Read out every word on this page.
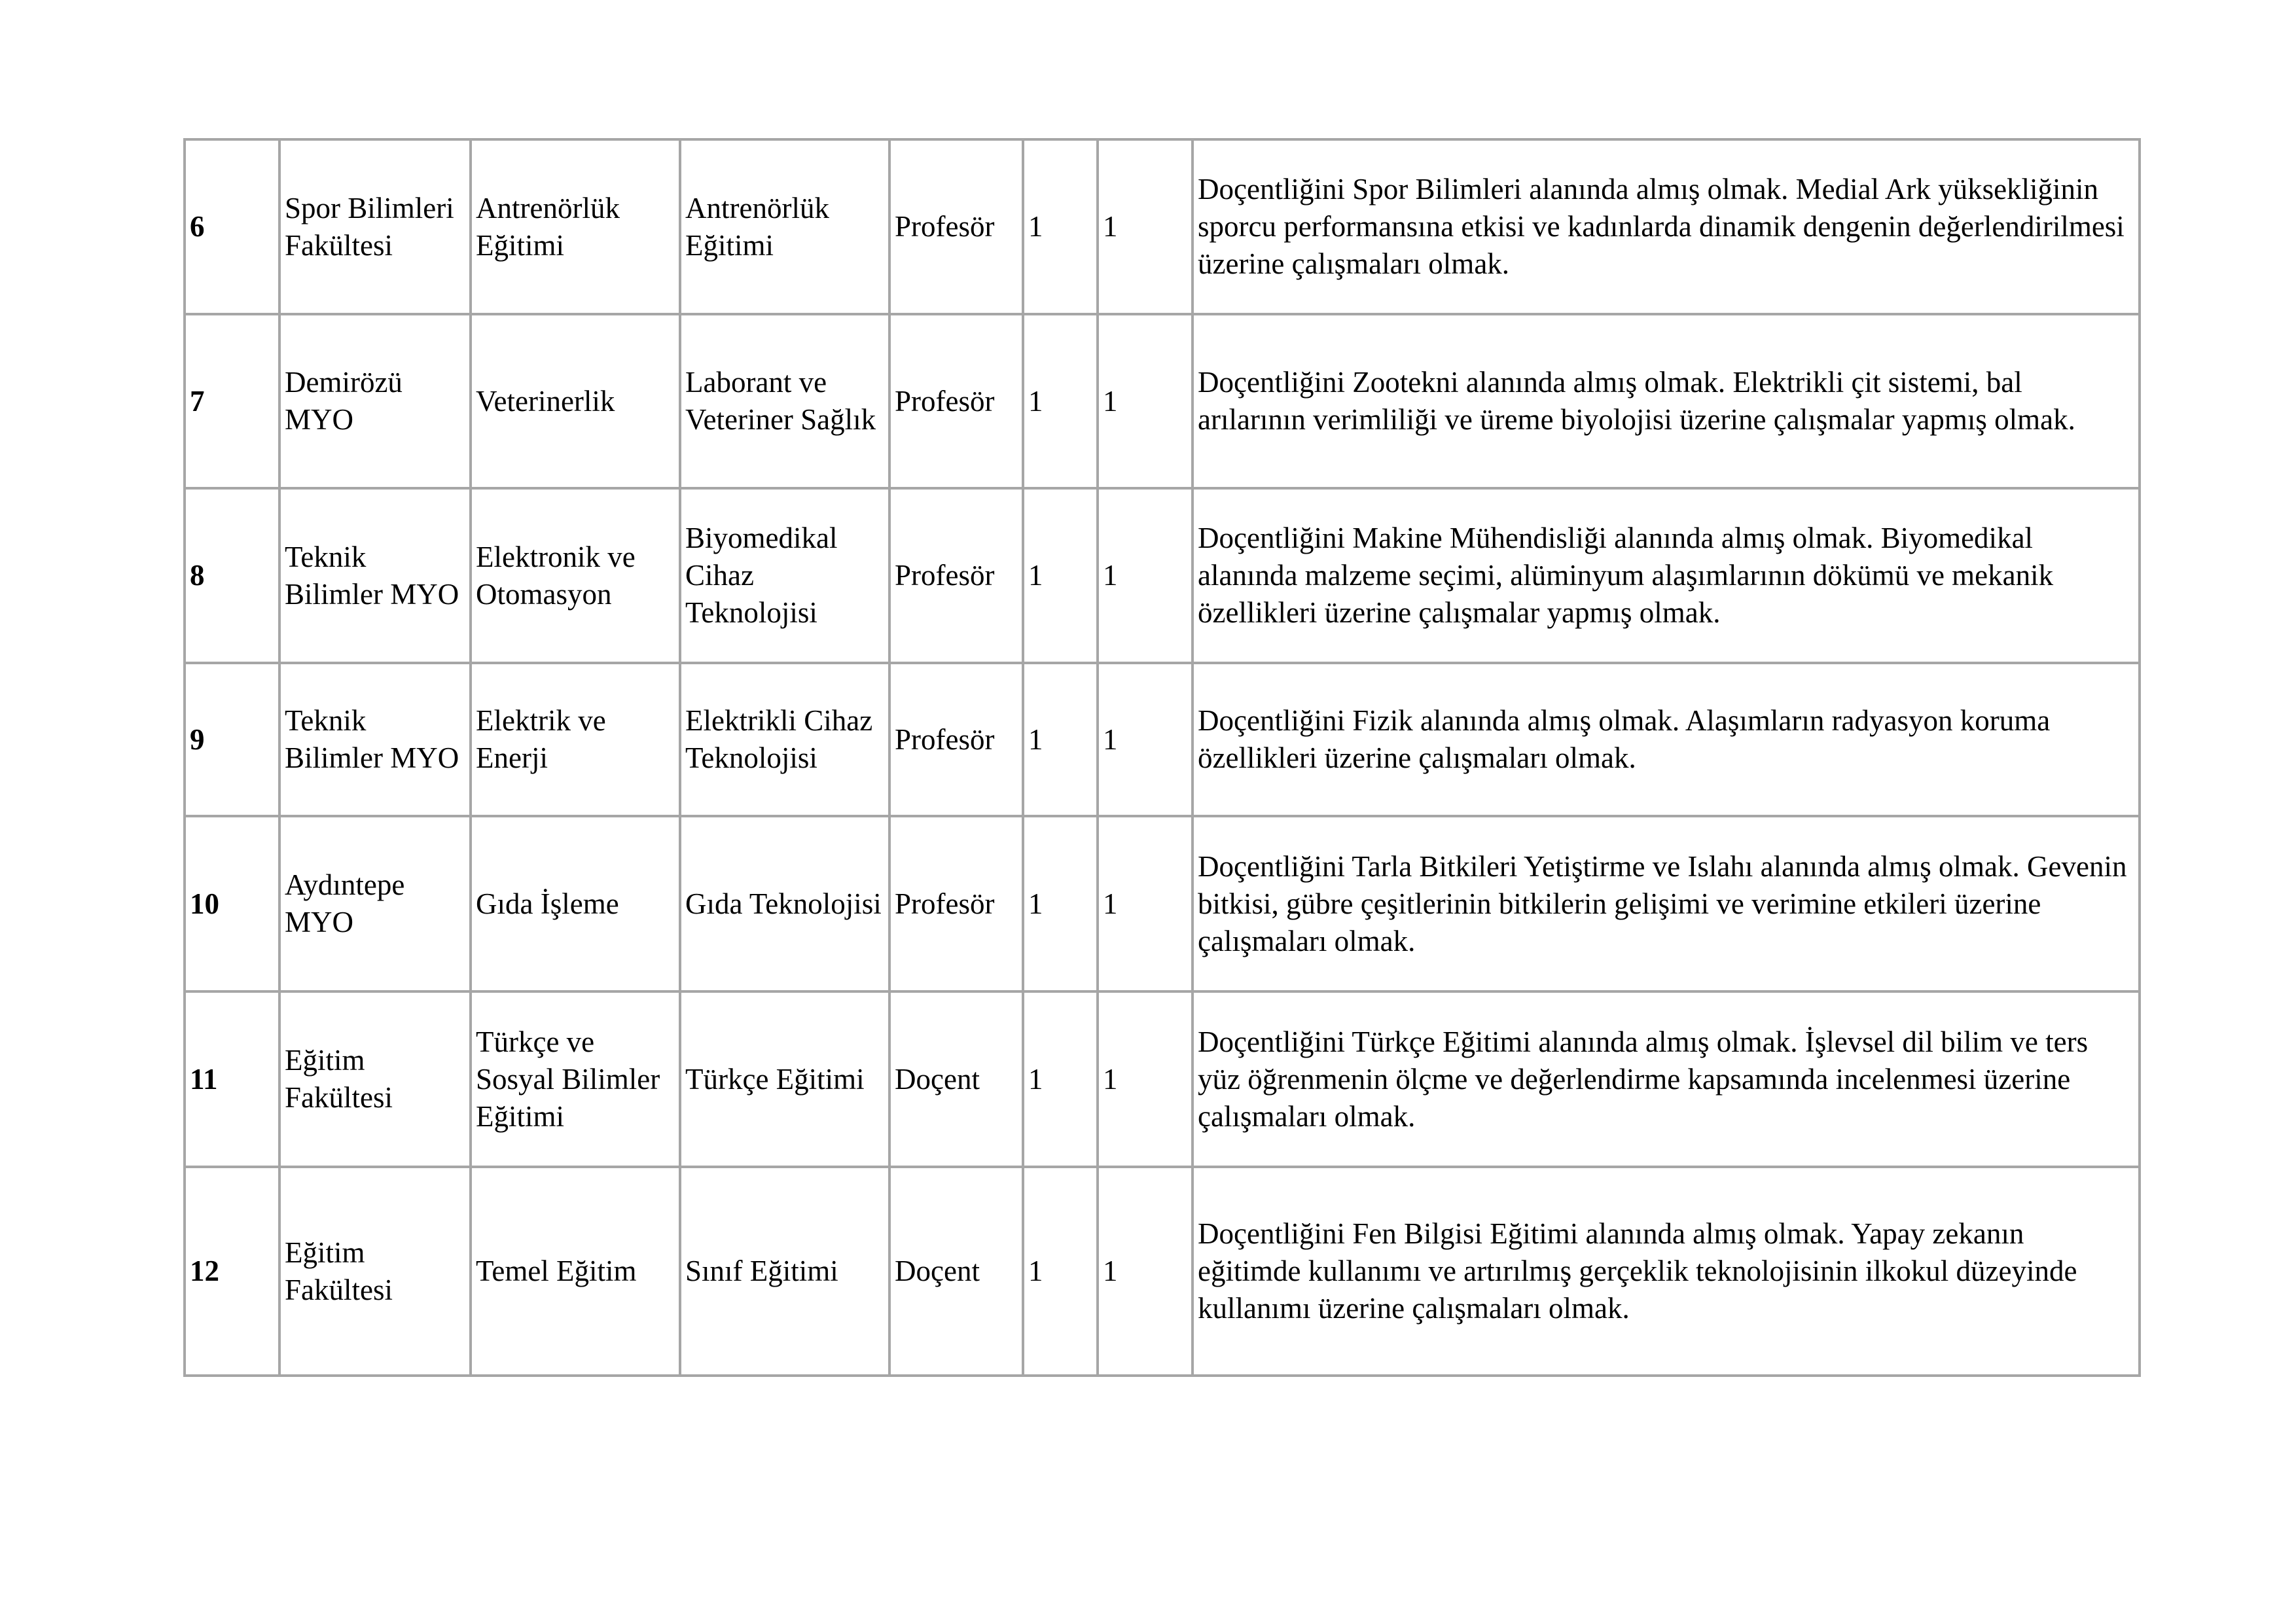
6	Spor Bilimleri Fakültesi	Antrenörlük Eğitimi	Antrenörlük Eğitimi	Profesör	1	1	Doçentliğini Spor Bilimleri alanında almış olmak. Medial Ark yüksekliğinin sporcu performansına etkisi ve kadınlarda dinamik dengenin değerlendirilmesi üzerine çalışmaları olmak.
7	Demirözü MYO	Veterinerlik	Laborant ve Veteriner Sağlık	Profesör	1	1	Doçentliğini Zootekni alanında almış olmak. Elektrikli çit sistemi, bal arılarının verimliliği ve üreme biyolojisi üzerine çalışmalar yapmış olmak.
8	Teknik Bilimler MYO	Elektronik ve Otomasyon	Biyomedikal Cihaz Teknolojisi	Profesör	1	1	Doçentliğini Makine Mühendisliği alanında almış olmak. Biyomedikal alanında malzeme seçimi, alüminyum alaşımlarının dökümü ve mekanik özellikleri üzerine çalışmalar yapmış olmak.
9	Teknik Bilimler MYO	Elektrik ve Enerji	Elektrikli Cihaz Teknolojisi	Profesör	1	1	Doçentliğini Fizik alanında almış olmak. Alaşımların radyasyon koruma özellikleri üzerine çalışmaları olmak.
10	Aydıntepe MYO	Gıda İşleme	Gıda Teknolojisi	Profesör	1	1	Doçentliğini Tarla Bitkileri Yetiştirme ve Islahı alanında almış olmak. Gevenin bitkisi, gübre çeşitlerinin bitkilerin gelişimi ve verimine etkileri üzerine çalışmaları olmak.
11	Eğitim Fakültesi	Türkçe ve Sosyal Bilimler Eğitimi	Türkçe Eğitimi	Doçent	1	1	Doçentliğini Türkçe Eğitimi alanında almış olmak. İşlevsel dil bilim ve ters yüz öğrenmenin ölçme ve değerlendirme kapsamında incelenmesi üzerine çalışmaları olmak.
12	Eğitim Fakültesi	Temel Eğitim	Sınıf Eğitimi	Doçent	1	1	Doçentliğini Fen Bilgisi Eğitimi alanında almış olmak. Yapay zekanın eğitimde kullanımı ve artırılmış gerçeklik teknolojisinin ilkokul düzeyinde kullanımı üzerine çalışmaları olmak.
